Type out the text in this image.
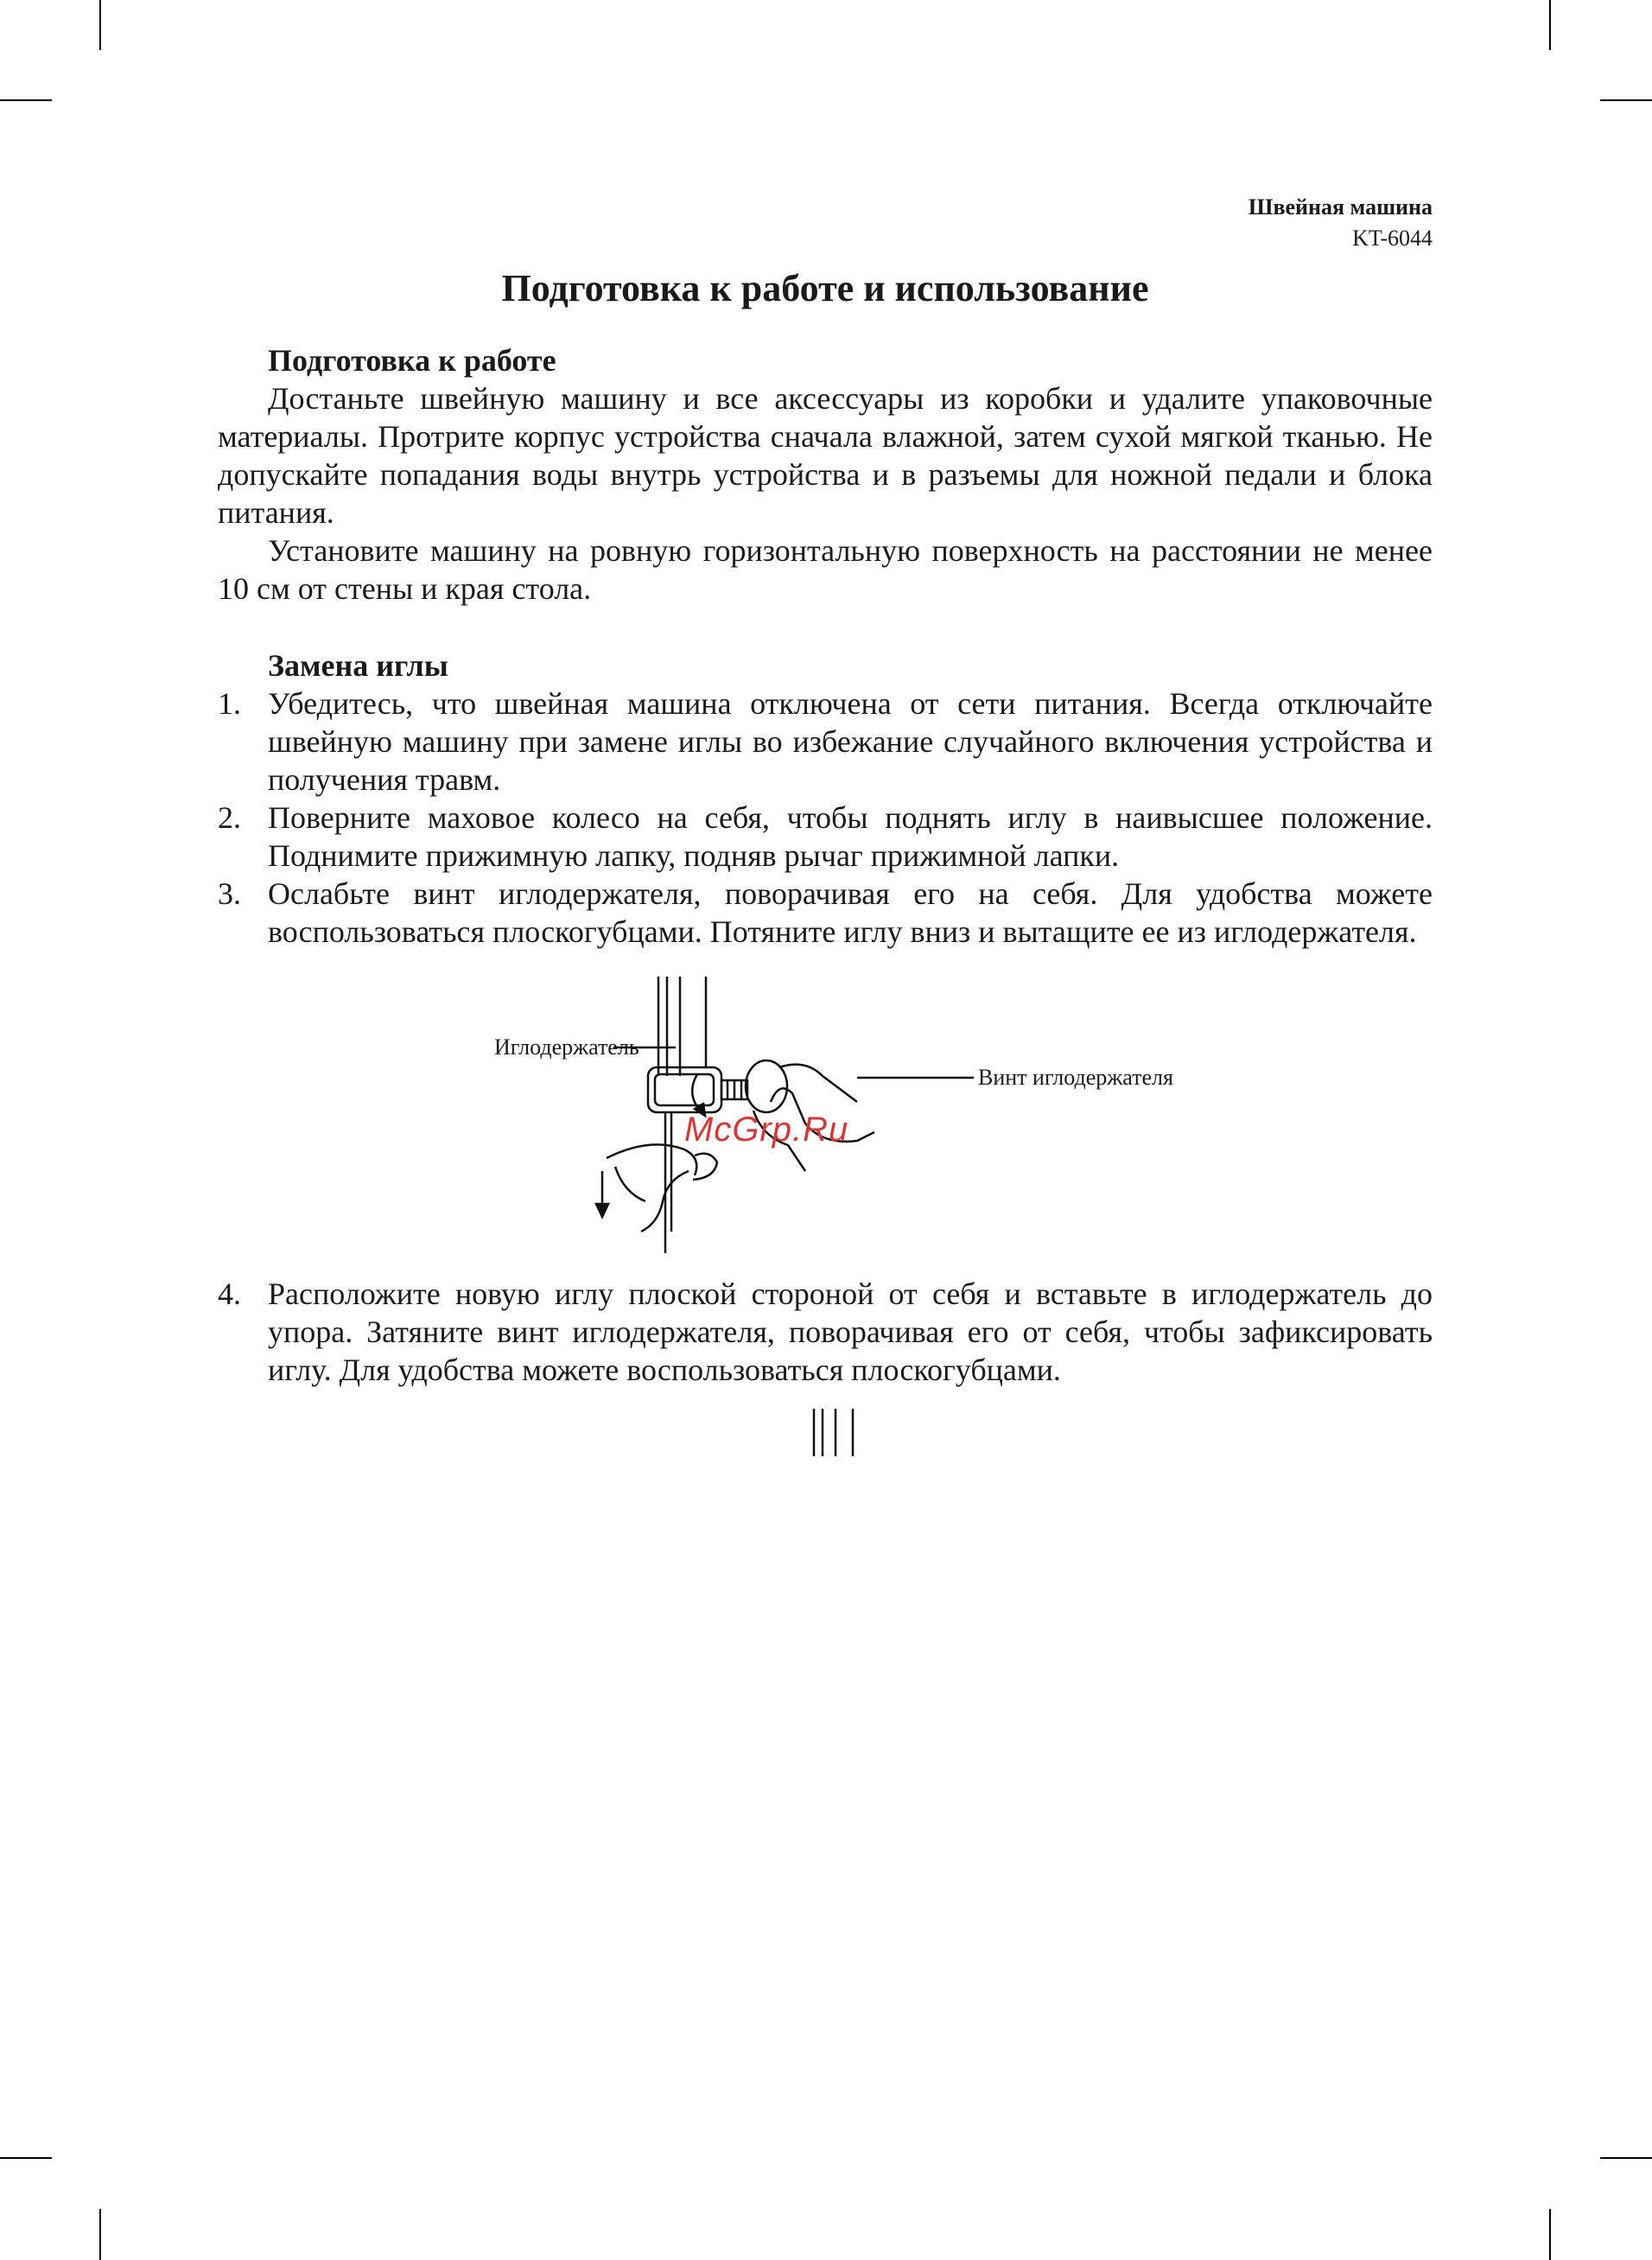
Швейная машина
KT-6044
Подготовка к работе и использование
Подготовка к работе

Достаньте швейную машину и все аксессуары из коробки и удалите упаковочные материалы. Протрите корпус устройства сначала влажной, затем сухой мягкой тканью. Не допускайте попадания воды внутрь устройства и в разъемы для ножной педали и блока питания.

Установите машину на ровную горизонтальную поверхность на расстоянии не менее 10 см от стены и края стола.

Замена иглы
1. Убедитесь, что швейная машина отключена от сети питания. Всегда отключайте швейную машину при замене иглы во избежание случайного включения устройства и получения травм.
2. Поверните маховое колесо на себя, чтобы поднять иглу в наивысшее положение. Поднимите прижимную лапку, подняв рычаг прижимной лапки.
3. Ослабьте винт иглодержателя, поворачивая его на себя. Для удобства можете воспользоваться плоскогубцами. Потяните иглу вниз и вытащите ее из иглодержателя.
Иглодержатель
Винт иглодержателя
McGrp.Ru
4. Расположите новую иглу плоской стороной от себя и вставьте в иглодержатель до упора. Затяните винт иглодержателя, поворачивая его от себя, чтобы зафиксировать иглу. Для удобства можете воспользоваться плоскогубцами.
